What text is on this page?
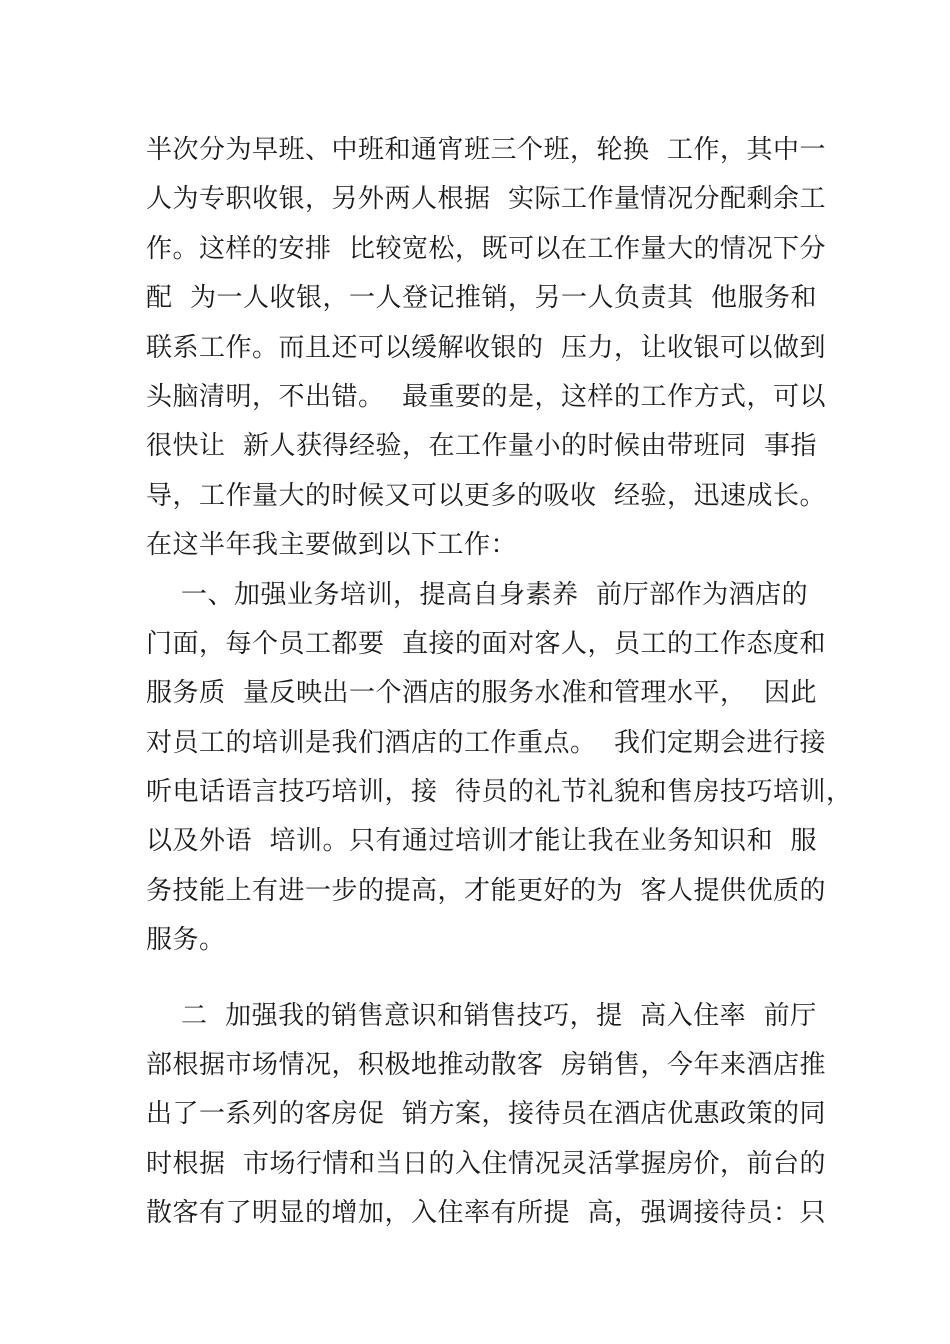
半次分为早班、中班和通宵班三个班，轮换  工作，其中一
人为专职收银，另外两人根据  实际工作量情况分配剩余工
作。这样的安排  比较宽松，既可以在工作量大的情况下分
配  为一人收银，一人登记推销，另一人负责其  他服务和
联系工作。而且还可以缓解收银的  压力，让收银可以做到
头脑清明，不出错。  最重要的是，这样的工作方式，可以
很快让  新人获得经验，在工作量小的时候由带班同  事指
导，工作量大的时候又可以更多的吸收  经验，迅速成长。
在这半年我主要做到以下工作：
一、加强业务培训，提高自身素养  前厅部作为酒店的
门面，每个员工都要  直接的面对客人，员工的工作态度和
服务质  量反映出一个酒店的服务水准和管理水平，  因此
对员工的培训是我们酒店的工作重点。  我们定期会进行接
听电话语言技巧培训，接  待员的礼节礼貌和售房技巧培训，
以及外语  培训。只有通过培训才能让我在业务知识和  服
务技能上有进一步的提高，才能更好的为  客人提供优质的
服务。
二  加强我的销售意识和销售技巧，提  高入住率  前厅
部根据市场情况，积极地推动散客  房销售，今年来酒店推
出了一系列的客房促  销方案，接待员在酒店优惠政策的同
时根据  市场行情和当日的入住情况灵活掌握房价，前台的
散客有了明显的增加，入住率有所提  高，强调接待员：只
